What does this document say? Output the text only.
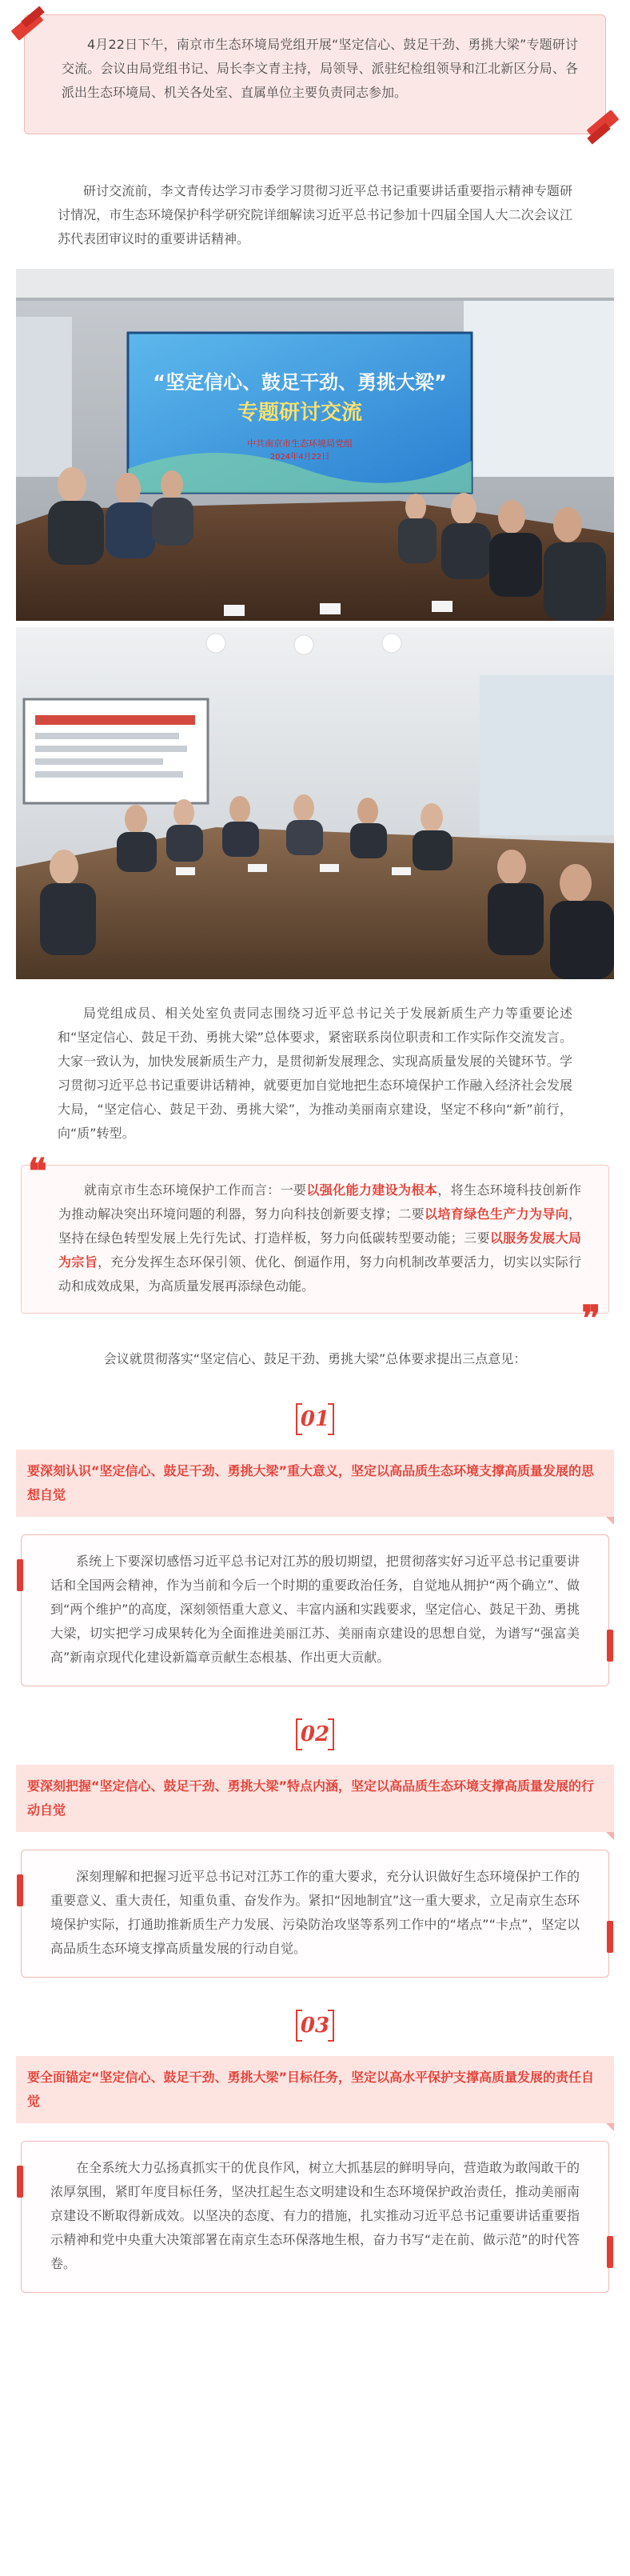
4月22日下午，南京市生态环境局党组开展“坚定信心、鼓足干劲、勇挑大梁”专题研讨交流。会议由局党组书记、局长李文青主持，局领导、派驻纪检组领导和江北新区分局、各派出生态环境局、机关各处室、直属单位主要负责同志参加。

研讨交流前，李文青传达学习市委学习贯彻习近平总书记重要讲话重要指示精神专题研讨情况，市生态环境保护科学研究院详细解读习近平总书记参加十四届全国人大二次会议江苏代表团审议时的重要讲话精神。

“坚定信心、鼓足干劲、勇挑大梁”
专题研讨交流
中共南京市生态环境局党组
2024年4月22日

局党组成员、相关处室负责同志围绕习近平总书记关于发展新质生产力等重要论述和“坚定信心、鼓足干劲、勇挑大梁”总体要求，紧密联系岗位职责和工作实际作交流发言。大家一致认为，加快发展新质生产力，是贯彻新发展理念、实现高质量发展的关键环节。学习贯彻习近平总书记重要讲话精神，就要更加自觉地把生态环境保护工作融入经济社会发展大局，“坚定信心、鼓足干劲、勇挑大梁”，为推动美丽南京建设，坚定不移向“新”前行，向“质”转型。

❝	就南京市生态环境保护工作而言：一要以强化能力建设为根本，将生态环境科技创新作为推动解决突出环境问题的利器，努力向科技创新要支撑；二要以培育绿色生产力为导向，坚持在绿色转型发展上先行先试、打造样板，努力向低碳转型要动能；三要以服务发展大局为宗旨，充分发挥生态环保引领、优化、倒逼作用，努力向机制改革要活力，切实以实际行动和成效成果，为高质量发展再添绿色动能。
❞

会议就贯彻落实“坚定信心、鼓足干劲、勇挑大梁”总体要求提出三点意见：

01
要深刻认识“坚定信心、鼓足干劲、勇挑大梁”重大意义，坚定以高品质生态环境支撑高质量发展的思想自觉

系统上下要深切感悟习近平总书记对江苏的殷切期望，把贯彻落实好习近平总书记重要讲话和全国两会精神，作为当前和今后一个时期的重要政治任务，自觉地从拥护“两个确立”、做到“两个维护”的高度，深刻领悟重大意义、丰富内涵和实践要求，坚定信心、鼓足干劲、勇挑大梁，切实把学习成果转化为全面推进美丽江苏、美丽南京建设的思想自觉，为谱写“强富美高”新南京现代化建设新篇章贡献生态根基、作出更大贡献。

02
要深刻把握“坚定信心、鼓足干劲、勇挑大梁”特点内涵，坚定以高品质生态环境支撑高质量发展的行动自觉

深刻理解和把握习近平总书记对江苏工作的重大要求，充分认识做好生态环境保护工作的重要意义、重大责任，知重负重、奋发作为。紧扣“因地制宜”这一重大要求，立足南京生态环境保护实际，打通助推新质生产力发展、污染防治攻坚等系列工作中的“堵点”“卡点”，坚定以高品质生态环境支撑高质量发展的行动自觉。

03
要全面锚定“坚定信心、鼓足干劲、勇挑大梁”目标任务，坚定以高水平保护支撑高质量发展的责任自觉

在全系统大力弘扬真抓实干的优良作风，树立大抓基层的鲜明导向，营造敢为敢闯敢干的浓厚氛围，紧盯年度目标任务，坚决扛起生态文明建设和生态环境保护政治责任，推动美丽南京建设不断取得新成效。以坚决的态度、有力的措施，扎实推动习近平总书记重要讲话重要指示精神和党中央重大决策部署在南京生态环保落地生根，奋力书写“走在前、做示范”的时代答卷。
